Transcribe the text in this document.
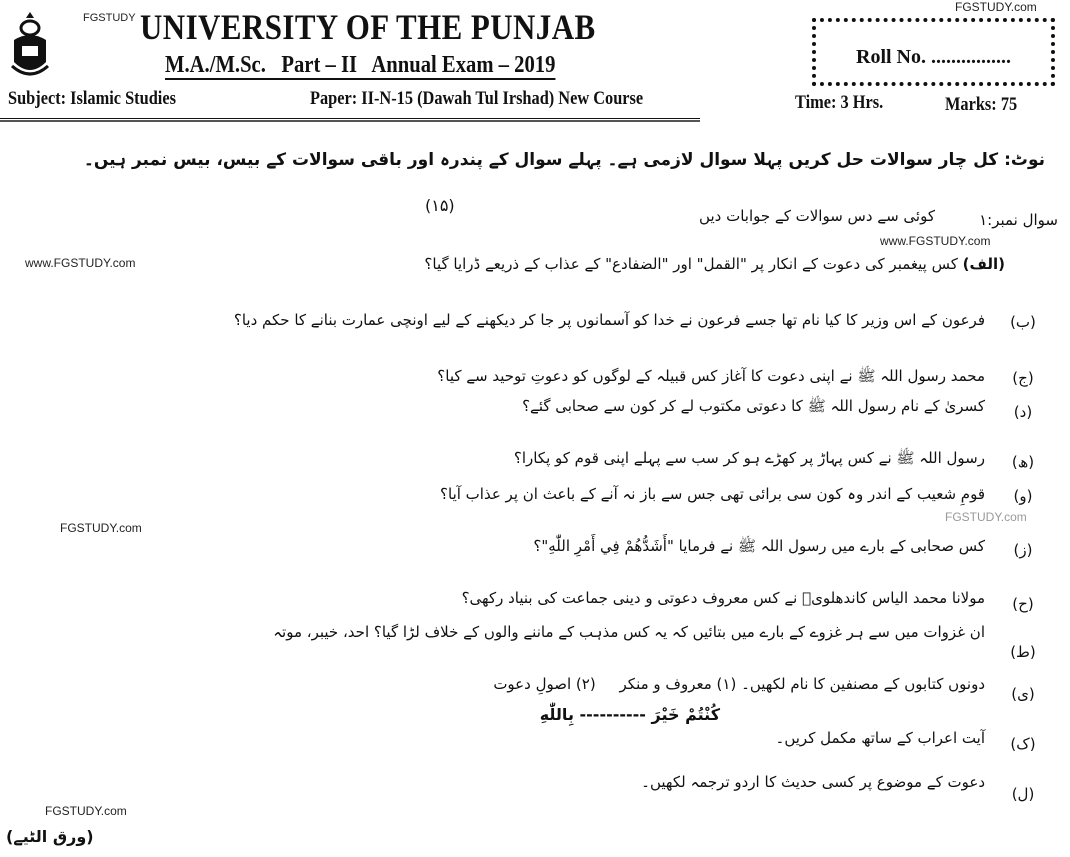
FGSTUDY.com
FGSTUDY UNIVERSITY OF THE PUNJAB
M.A./M.Sc.   Part – II   Annual Exam – 2019
Subject: Islamic Studies	Paper: II-N-15 (Dawah Tul Irshad) New Course	Time: 3 Hrs.	Marks: 75
Roll No. ................
نوٹ: کل چار سوالات حل کریں پہلا سوال لازمی ہے۔ پہلے سوال کے پندرہ اور باقی سوالات کے بیس، بیس نمبر ہیں۔
(۱۵)
سوال نمبر:۱
کوئی سے دس سوالات کے جوابات دیں
www.FGSTUDY.com
www.FGSTUDY.com	(الف) کس پیغمبر کی دعوت کے انکار پر "القمل" اور "الضفادع" کے عذاب کے ذریعے ڈرایا گیا؟
(ب)
فرعون کے اس وزیر کا کیا نام تھا جسے فرعون نے خدا کو آسمانوں پر جا کر دیکھنے کے لیے اونچی عمارت بنانے کا حکم دیا؟
(ج)
محمد رسول اللہ ﷺ نے اپنی دعوت کا آغاز کس قبیلہ کے لوگوں کو دعوتِ توحید سے کیا؟
(د)
کسریٰ کے نام رسول اللہ ﷺ کا دعوتی مکتوب لے کر کون سے صحابی گئے؟
(ھ)
رسول اللہ ﷺ نے کس پہاڑ پر کھڑے ہو کر سب سے پہلے اپنی قوم کو پکارا؟
(و)
قومِ شعیب کے اندر وہ کون سی برائی تھی جس سے باز نہ آنے کے باعث ان پر عذاب آیا؟
FGSTUDY.com
FGSTUDY.com
(ز)
کس صحابی کے بارے میں رسول اللہ ﷺ نے فرمایا "أَشَدُّهُمْ فِي أَمْرِ اللّٰهِ"؟
(ح)
مولانا محمد الیاس کاندھلویؒ نے کس معروف دعوتی و دینی جماعت کی بنیاد رکھی؟
(ط)
ان غزوات میں سے ہر غزوے کے بارے میں بتائیں کہ یہ کس مذہب کے ماننے والوں کے خلاف لڑا گیا؟ احد، خیبر، موتہ
(ی)
دونوں کتابوں کے مصنفین کا نام لکھیں۔ (۱) معروف و منکر     (۲) اصولِ دعوت
(ک)
آیت اعراب کے ساتھ مکمل کریں۔
كُنْتُمْ خَيْرَ ---------- بِاللّٰهِ
(ل)
دعوت کے موضوع پر کسی حدیث کا اردو ترجمہ لکھیں۔
FGSTUDY.com
(ورق الٹیے)
